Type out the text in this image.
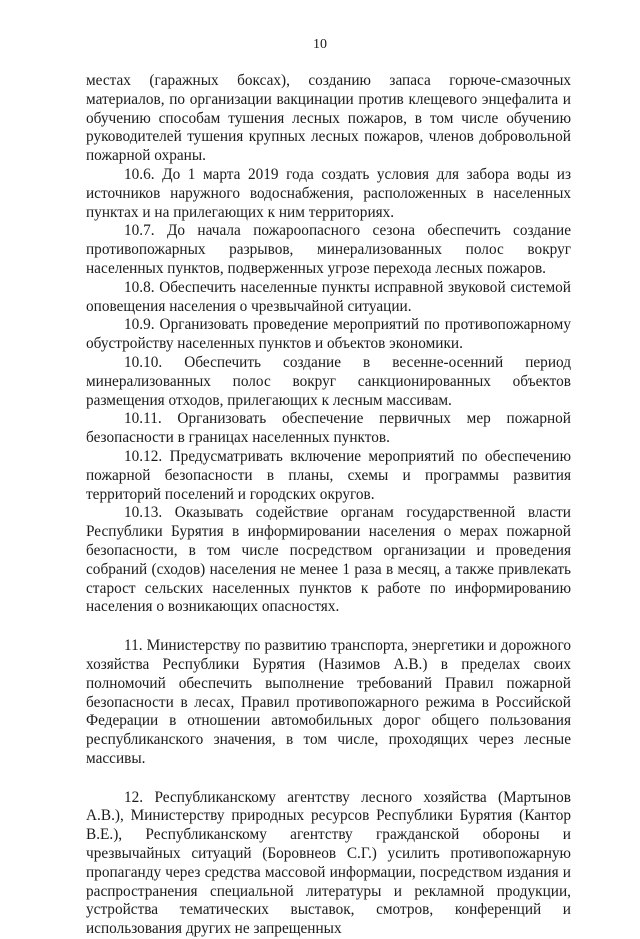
10

местах (гаражных боксах), созданию запаса горюче-смазочных материалов, по организации вакцинации против клещевого энцефалита и обучению способам тушения лесных пожаров, в том числе обучению руководителей тушения крупных лесных пожаров, членов добровольной пожарной охраны.

10.6. До 1 марта 2019 года создать условия для забора воды из источников наружного водоснабжения, расположенных в населенных пунктах и на прилегающих к ним территориях.

10.7. До начала пожароопасного сезона обеспечить создание противопожарных разрывов, минерализованных полос вокруг населенных пунктов, подверженных угрозе перехода лесных пожаров.

10.8. Обеспечить населенные пункты исправной звуковой системой оповещения населения о чрезвычайной ситуации.

10.9. Организовать проведение мероприятий по противопожарному обустройству населенных пунктов и объектов экономики.

10.10. Обеспечить создание в весенне-осенний период минерализованных полос вокруг санкционированных объектов размещения отходов, прилегающих к лесным массивам.

10.11. Организовать обеспечение первичных мер пожарной безопасности в границах населенных пунктов.

10.12. Предусматривать включение мероприятий по обеспечению пожарной безопасности в планы, схемы и программы развития территорий поселений и городских округов.

10.13. Оказывать содействие органам государственной власти Республики Бурятия в информировании населения о мерах пожарной безопасности, в том числе посредством организации и проведения собраний (сходов) населения не менее 1 раза в месяц, а также привлекать старост сельских населенных пунктов к работе по информированию населения о возникающих опасностях.

11. Министерству по развитию транспорта, энергетики и дорожного хозяйства Республики Бурятия (Назимов А.В.) в пределах своих полномочий обеспечить выполнение требований Правил пожарной безопасности в лесах, Правил противопожарного режима в Российской Федерации в отношении автомобильных дорог общего пользования республиканского значения, в том числе, проходящих через лесные массивы.

12. Республиканскому агентству лесного хозяйства (Мартынов А.В.), Министерству природных ресурсов Республики Бурятия (Кантор В.Е.), Республиканскому агентству гражданской обороны и чрезвычайных ситуаций (Боровнеов С.Г.) усилить противопожарную пропаганду через средства массовой информации, посредством издания и распространения специальной литературы и рекламной продукции, устройства тематических выставок, смотров, конференций и использования других не запрещенных
